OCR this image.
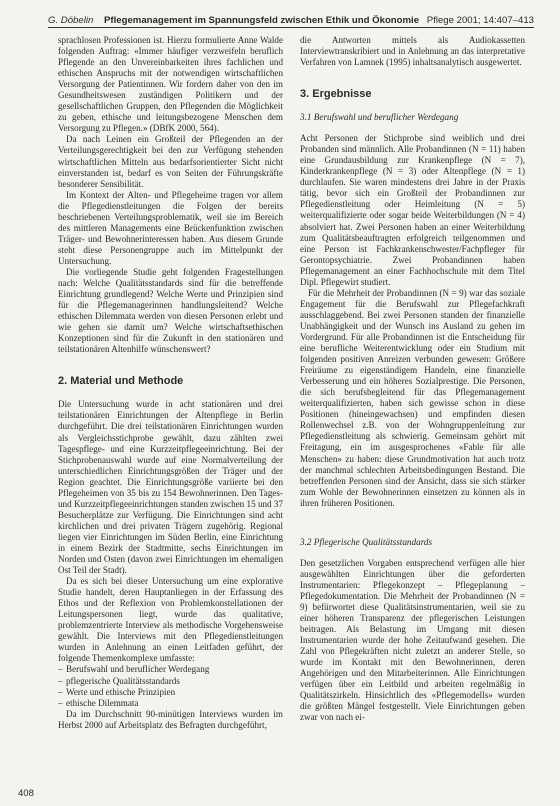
G. Döbelin Pflegemanagement im Spannungsfeld zwischen Ethik und Ökonomie Pflege 2001; 14:407–413

sprachlosen Professionen ist. Hierzu formulierte Anne Walde folgenden Auftrag: «Immer häufiger verzweifeln beruflich Pflegende an den Unvereinbarkeiten ihres fachlichen und ethischen Anspruchs mit der notwendigen wirtschaftlichen Versorgung der Patientinnen. Wir fordern daher von den im Gesundheitswesen zuständigen Politikern und der gesellschaftlichen Gruppen, den Pflegenden die Möglichkeit zu geben, ethische und leitungsbezogene Menschen dem Versorgung zu Pflegen.» (DBfK 2000, 564).

Da nach Leinen ein Großteil der Pflegenden an der Verteilungsgerechtigkeit bei den zur Verfügung stehenden wirtschaftlichen Mitteln aus bedarfsorientierter Sicht nicht einverstanden ist, bedarf es von Seiten der Führungskräfte besonderer Sensibilität.

Im Kontext der Alten- und Pflegeheime tragen vor allem die Pflegedienstleitungen die Folgen der bereits beschriebenen Verteilungsproblematik, weil sie im Bereich des mittleren Managements eine Brückenfunktion zwischen Träger- und Bewohnerinteressen haben. Aus diesem Grunde steht diese Personengruppe auch im Mittelpunkt der Untersuchung.

Die vorliegende Studie geht folgenden Fragestellungen nach: Welche Qualitätsstandards sind für die betreffende Einrichtung grundlegend? Welche Werte und Prinzipien sind für die Pflegemanagerinnen handlungsleitend? Welche ethischen Dilemmata werden von diesen Personen erlebt und wie gehen sie damit um? Welche wirtschaftsethischen Konzeptionen sind für die Zukunft in den stationären und teilstationären Altenhilfe wünschenswert?

2. Material und Methode

Die Untersuchung wurde in acht stationären und drei teilstationären Einrichtungen der Altenpflege in Berlin durchgeführt. Die drei teilstationären Einrichtungen wurden als Vergleichsstichprobe gewählt, dazu zählten zwei Tagespflege- und eine Kurzzeitpflegeeinrichtung. Bei der Stichprobenauswahl wurde auf eine Normalverteilung der unterschiedlichen Einrichtungsgrößen der Träger und der Region geachtet. Die Einrichtungsgröße variierte bei den Pflegeheimen von 35 bis zu 154 Bewohnerinnen. Den Tages- und Kurzzeitpflegeeinrichtungen standen zwischen 15 und 37 Besucherplätze zur Verfügung. Die Einrichtungen sind acht kirchlichen und drei privaten Trägern zugehörig. Regional liegen vier Einrichtungen im Süden Berlin, eine Einrichtung in einem Bezirk der Stadtmitte, sechs Einrichtungen im Norden und Osten (davon zwei Einrichtungen im ehemaligen Ost Teil der Stadt).

Da es sich bei dieser Untersuchung um eine explorative Studie handelt, deren Hauptanliegen in der Erfassung des Ethos und der Reflexion von Problemkonstellationen der Leitungspersonen liegt, wurde das qualitative, problemzentrierte Interview als methodische Vorgehensweise gewählt. Die Interviews mit den Pflegedienstleitungen wurden in Anlehnung an einen Leitfaden geführt, der folgende Themenkomplexe umfasste:

– Berufswahl und beruflicher Werdegang
– pflegerische Qualitätsstandards
– Werte und ethische Prinzipien
– ethische Dilemmata

Da im Durchschnitt 90-minütigen Interviews wurden im Herbst 2000 auf Arbeitsplatz des Befragten durchgeführt,

die Antworten mittels als Audiokassetten Interviewtranskribiert und in Anlehnung an das interpretative Verfahren von Lamnek (1995) inhaltsanalytisch ausgewertet.

3. Ergebnisse
3.1 Berufswahl und beruflicher Werdegang

Acht Personen der Stichprobe sind weiblich und drei Probanden sind männlich. Alle Probandinnen (N = 11) haben eine Grundausbildung zur Krankenpflege (N = 7), Kinderkrankenpflege (N = 3) oder Altenpflege (N = 1) durchlaufen. Sie waren mindestens drei Jahre in der Praxis tätig, bevor sich ein Großteil der Probandinnen zur Pflegedienstleitung oder Heimleitung (N = 5) weiterqualifizierte oder sogar beide Weiterbildungen (N = 4) absolviert hat. Zwei Personen haben an einer Weiterbildung zum Qualitätsbeauftragten erfolgreich teilgenommen und eine Person ist Fachkrankenschwester/Fachpfleger für Gerontopsychiatrie. Zwei Probandinnen haben Pflegemanagement an einer Fachhochschule mit dem Titel Dipl. Pflegewirt studiert.

Für die Mehrheit der Probandinnen (N = 9) war das soziale Engagement für die Berufswahl zur Pflegefachkraft ausschlaggebend. Bei zwei Personen standen der finanzielle Unabhängigkeit und der Wunsch ins Ausland zu gehen im Vordergrund. Für alle Probandinnen ist die Entscheidung für eine berufliche Weiterentwicklung oder ein Studium mit folgenden positiven Anreizen verbunden gewesen: Größere Freiräume zu eigenständigem Handeln, eine finanzielle Verbesserung und ein höheres Sozialprestige. Die Personen, die sich berufsbegleitend für das Pflegemanagement weiterqualifizierten, haben sich gewisse schon in diese Positionen (hineingewachsen) und empfinden diesen Rollenwechsel z.B. von der Wohngruppenleitung zur Pflegedienstleitung als schwierig. Gemeinsam gehört mit Freitagung, ein im ausgesprochenes «Fable für alle Menschen» zu haben: diese Grundmotivation hat auch trotz der manchmal schlechten Arbeitsbedingungen Bestand. Die betreffenden Personen sind der Ansicht, dass sie sich stärker zum Wohle der Bewohnerinnen einsetzen zu können als in ihren früheren Positionen.

3.2 Pflegerische Qualitätsstandards

Den gesetzlichen Vorgaben entsprechend verfügen alle hier ausgewählten Einrichtungen über die geforderten Instrumentarien: Pflegekonzept – Pflegeplanung – Pflegedokumentation. Die Mehrheit der Probandinnen (N = 9) befürwortet diese Qualitätsinstrumentarien, weil sie zu einer höheren Transparenz der pflegerischen Leistungen beitragen. Als Belastung im Umgang mit diesen Instrumentarien wurde der hohe Zeitaufwand gesehen. Die Zahl von Pflegekräften nicht zuletzt an anderer Stelle, so wurde im Kontakt mit den Bewohnerinnen, deren Angehörigen und den Mitarbeiterinnen. Alle Einrichtungen verfügen über ein Leitbild und arbeiten regelmäßig in Qualitätszirkeln. Hinsichtlich des «Pflegemodells» wurden die größten Mängel festgestellt. Viele Einrichtungen geben zwar von nach ei-

408
